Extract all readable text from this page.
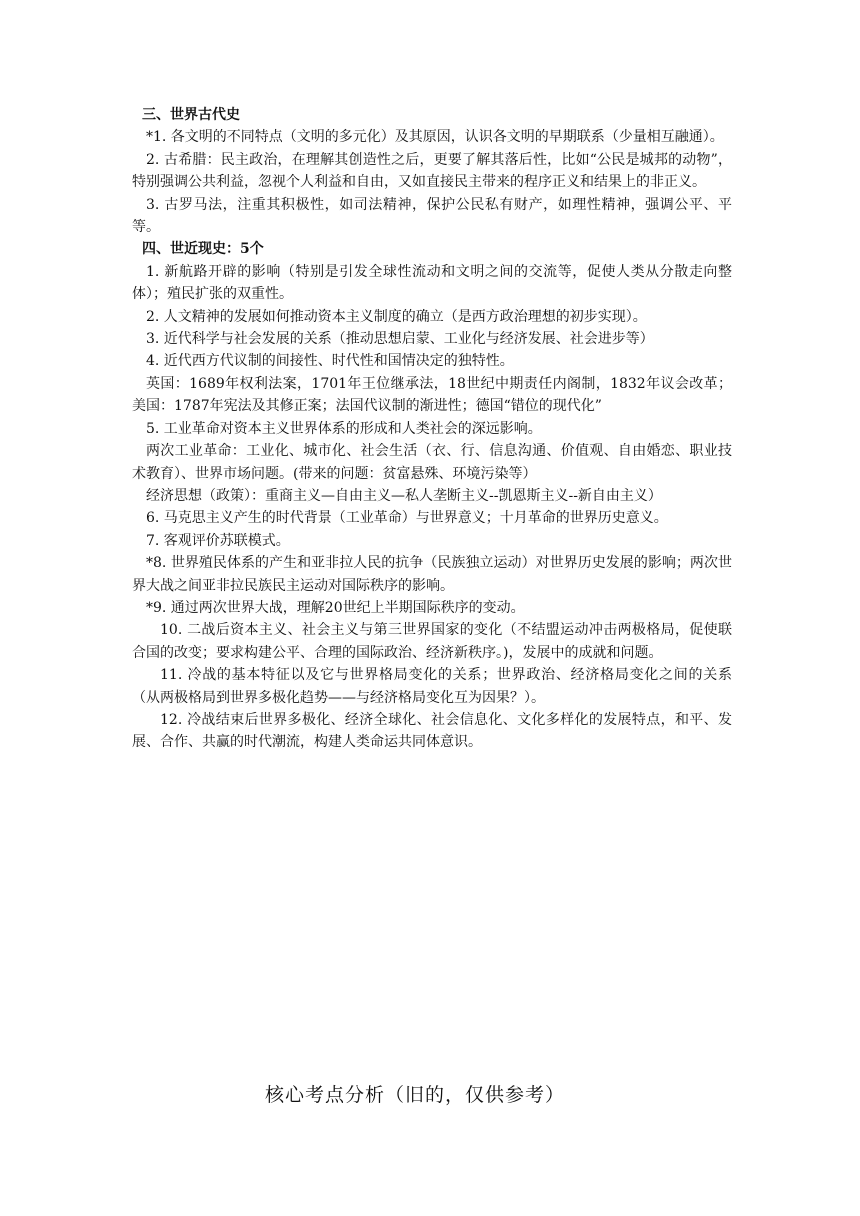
三、世界古代史

*1. 各文明的不同特点（文明的多元化）及其原因，认识各文明的早期联系（少量相互融通）。

2. 古希腊：民主政治，在理解其创造性之后，更要了解其落后性，比如“公民是城邦的动物”，特别强调公共利益，忽视个人利益和自由，又如直接民主带来的程序正义和结果上的非正义。

3. 古罗马法，注重其积极性，如司法精神，保护公民私有财产，如理性精神，强调公平、平等。

四、世近现史：5个

1. 新航路开辟的影响（特别是引发全球性流动和文明之间的交流等，促使人类从分散走向整体）；殖民扩张的双重性。

2. 人文精神的发展如何推动资本主义制度的确立（是西方政治理想的初步实现）。

3. 近代科学与社会发展的关系（推动思想启蒙、工业化与经济发展、社会进步等）

4. 近代西方代议制的间接性、时代性和国情决定的独特性。

英国：1689年权利法案，1701年王位继承法，18世纪中期责任内阁制，1832年议会改革；美国：1787年宪法及其修正案；法国代议制的渐进性；德国“错位的现代化”

5. 工业革命对资本主义世界体系的形成和人类社会的深远影响。

两次工业革命：工业化、城市化、社会生活（衣、行、信息沟通、价值观、自由婚恋、职业技术教育）、世界市场问题。(带来的问题：贫富悬殊、环境污染等）

经济思想（政策）：重商主义—自由主义—私人垄断主义--凯恩斯主义--新自由主义）

6. 马克思主义产生的时代背景（工业革命）与世界意义；十月革命的世界历史意义。

7. 客观评价苏联模式。

*8. 世界殖民体系的产生和亚非拉人民的抗争（民族独立运动）对世界历史发展的影响；两次世界大战之间亚非拉民族民主运动对国际秩序的影响。

*9. 通过两次世界大战，理解20世纪上半期国际秩序的变动。

10. 二战后资本主义、社会主义与第三世界国家的变化（不结盟运动冲击两极格局，促使联合国的改变；要求构建公平、合理的国际政治、经济新秩序。)，发展中的成就和问题。

11. 冷战的基本特征以及它与世界格局变化的关系；世界政治、经济格局变化之间的关系（从两极格局到世界多极化趋势——与经济格局变化互为因果？）。

12. 冷战结束后世界多极化、经济全球化、社会信息化、文化多样化的发展特点，和平、发展、合作、共赢的时代潮流，构建人类命运共同体意识。

核心考点分析（旧的，仅供参考）
